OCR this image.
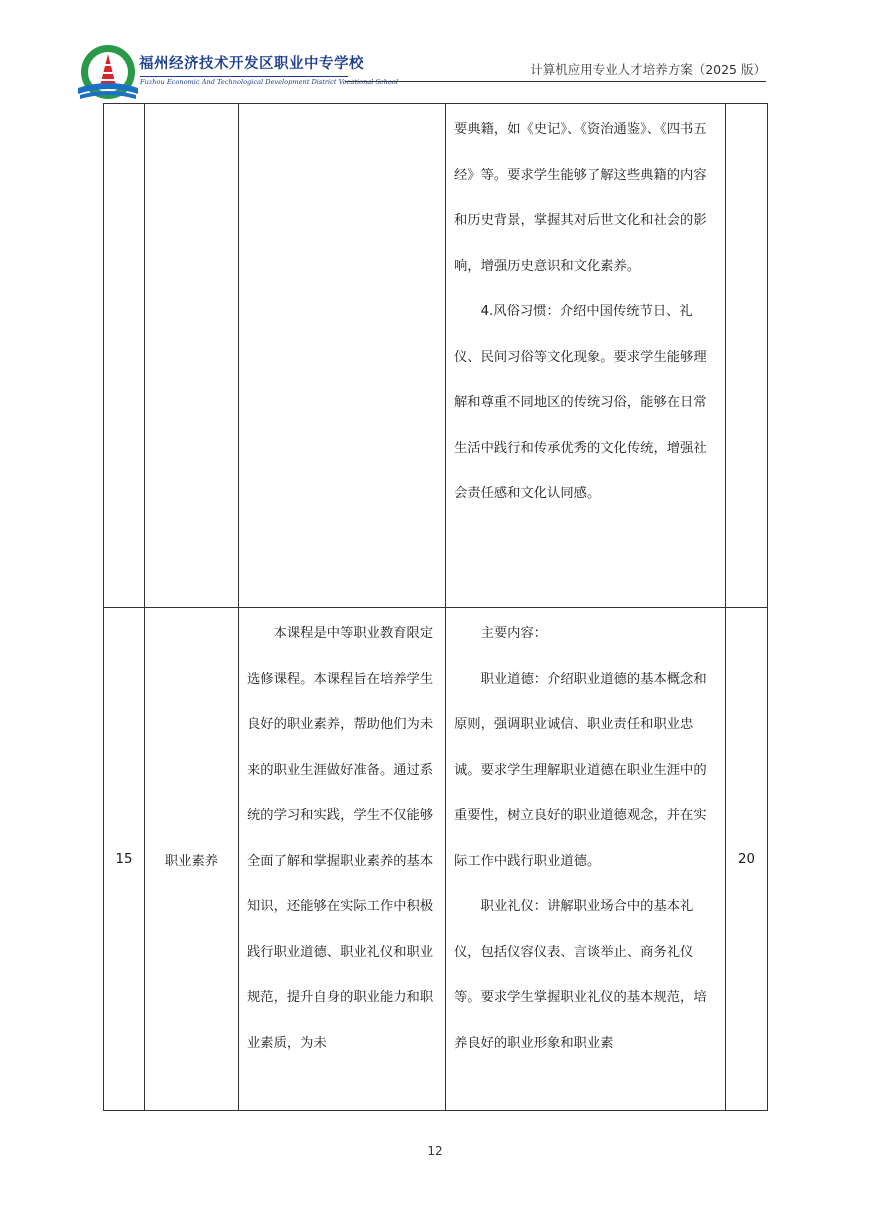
福州经济技术开发区职业中专学校
Fuzhou Economic And Technological Development District Vocational School
计算机应用专业人才培养方案（2025 版）

			要典籍，如《史记》、《资治通鉴》、《四书五经》等。要求学生能够了解这些典籍的内容和历史背景，掌握其对后世文化和社会的影响，增强历史意识和文化素养。

4.风俗习惯：介绍中国传统节日、礼仪、民间习俗等文化现象。要求学生能够理解和尊重不同地区的传统习俗，能够在日常生活中践行和传承优秀的文化传统，增强社会责任感和文化认同感。	

15	职业素养	本课程是中等职业教育限定选修课程。本课程旨在培养学生良好的职业素养，帮助他们为未来的职业生涯做好准备。通过系统的学习和实践，学生不仅能够全面了解和掌握职业素养的基本知识，还能够在实际工作中积极践行职业道德、职业礼仪和职业规范，提升自身的职业能力和职业素质，为未	主要内容：

职业道德：介绍职业道德的基本概念和原则，强调职业诚信、职业责任和职业忠诚。要求学生理解职业道德在职业生涯中的重要性，树立良好的职业道德观念，并在实际工作中践行职业道德。

职业礼仪：讲解职业场合中的基本礼仪，包括仪容仪表、言谈举止、商务礼仪等。要求学生掌握职业礼仪的基本规范，培养良好的职业形象和职业素	20
12
